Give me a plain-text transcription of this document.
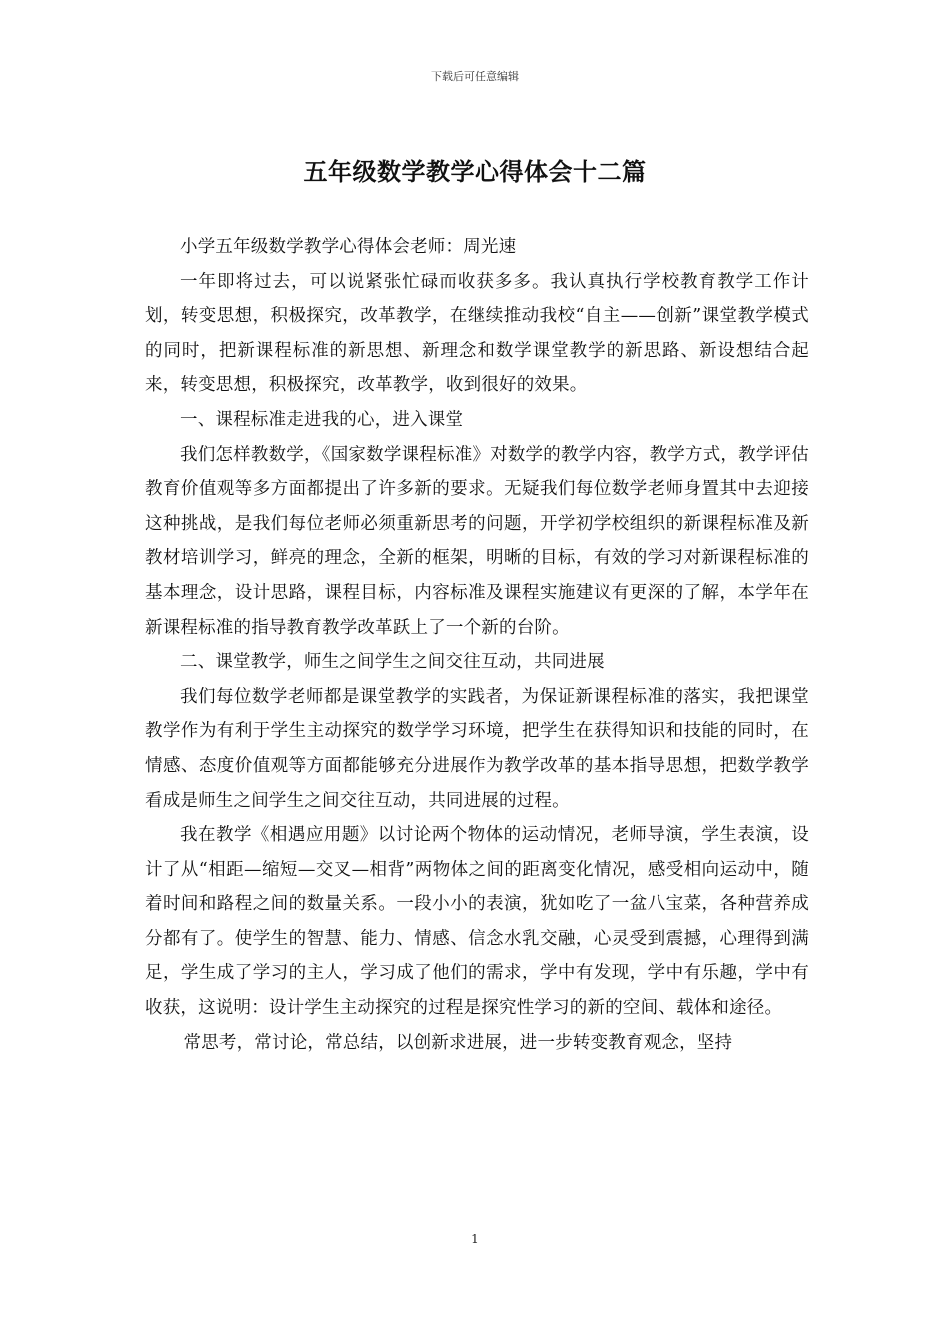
下载后可任意编辑
五年级数学教学心得体会十二篇

小学五年级数学教学心得体会老师：周光速

一年即将过去，可以说紧张忙碌而收获多多。我认真执行学校教育教学工作计划，转变思想，积极探究，改革教学，在继续推动我校“自主——创新”课堂教学模式的同时，把新课程标准的新思想、新理念和数学课堂教学的新思路、新设想结合起来，转变思想，积极探究，改革教学，收到很好的效果。

一、课程标准走进我的心，进入课堂

我们怎样教数学，《国家数学课程标准》对数学的教学内容，教学方式，教学评估教育价值观等多方面都提出了许多新的要求。无疑我们每位数学老师身置其中去迎接这种挑战，是我们每位老师必须重新思考的问题，开学初学校组织的新课程标准及新教材培训学习，鲜亮的理念，全新的框架，明晰的目标，有效的学习对新课程标准的基本理念，设计思路，课程目标，内容标准及课程实施建议有更深的了解，本学年在新课程标准的指导教育教学改革跃上了一个新的台阶。

二、课堂教学，师生之间学生之间交往互动，共同进展

我们每位数学老师都是课堂教学的实践者，为保证新课程标准的落实，我把课堂教学作为有利于学生主动探究的数学学习环境，把学生在获得知识和技能的同时，在情感、态度价值观等方面都能够充分进展作为教学改革的基本指导思想，把数学教学看成是师生之间学生之间交往互动，共同进展的过程。

我在教学《相遇应用题》以讨论两个物体的运动情况，老师导演，学生表演，设计了从“相距—缩短—交叉—相背”两物体之间的距离变化情况，感受相向运动中，随着时间和路程之间的数量关系。一段小小的表演，犹如吃了一盆八宝菜，各种营养成分都有了。使学生的智慧、能力、情感、信念水乳交融，心灵受到震撼，心理得到满足，学生成了学习的主人，学习成了他们的需求，学中有发现，学中有乐趣，学中有收获，这说明：设计学生主动探究的过程是探究性学习的新的空间、载体和途径。

常思考，常讨论，常总结，以创新求进展，进一步转变教育观念，坚持

1
